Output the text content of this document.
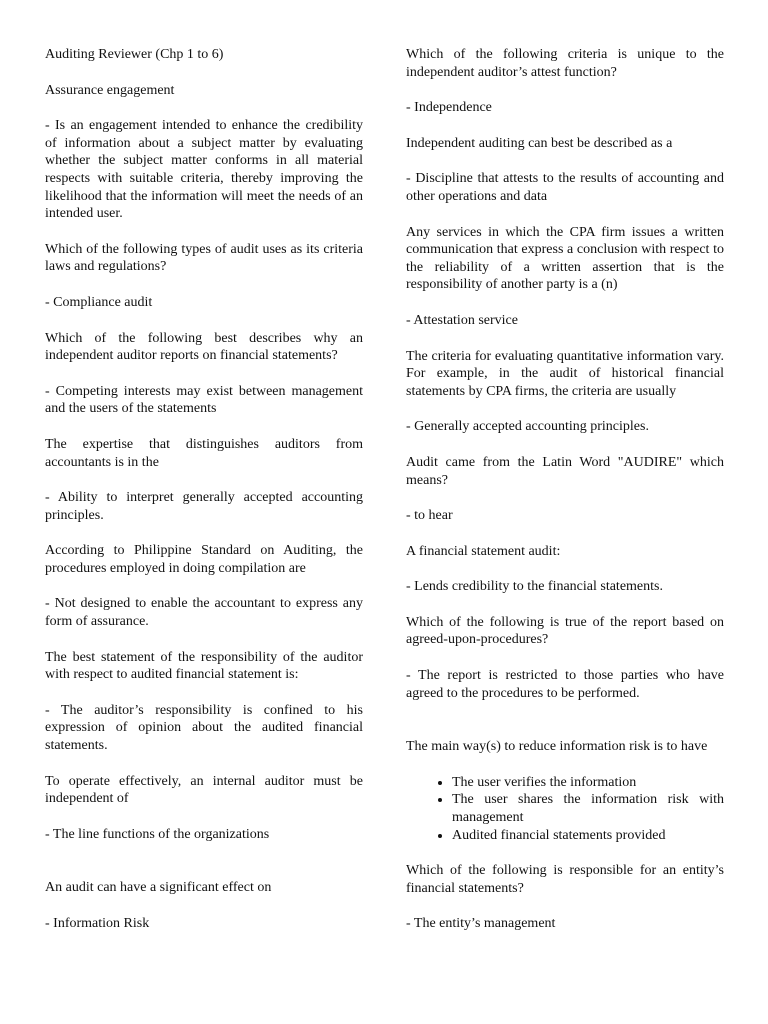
Auditing Reviewer (Chp 1 to 6)

Assurance engagement

- Is an engagement intended to enhance the credibility of information about a subject matter by evaluating whether the subject matter conforms in all material respects with suitable criteria, thereby improving the likelihood that the information will meet the needs of an intended user.

Which of the following types of audit uses as its criteria laws and regulations?

- Compliance audit

Which of the following best describes why an independent auditor reports on financial statements?

- Competing interests may exist between management and the users of the statements

The expertise that distinguishes auditors from accountants is in the

- Ability to interpret generally accepted accounting principles.

According to Philippine Standard on Auditing, the procedures employed in doing compilation are

- Not designed to enable the accountant to express any form of assurance.

The best statement of the responsibility of the auditor with respect to audited financial statement is:

- The auditor’s responsibility is confined to his expression of opinion about the audited financial statements.

To operate effectively, an internal auditor must be independent of

- The line functions of the organizations

An audit can have a significant effect on

- Information Risk

Which of the following criteria is unique to the independent auditor’s attest function?

- Independence

Independent auditing can best be described as a

- Discipline that attests to the results of accounting and other operations and data

Any services in which the CPA firm issues a written communication that express a conclusion with respect to the reliability of a written assertion that is the responsibility of another party is a (n)

- Attestation service

The criteria for evaluating quantitative information vary. For example, in the audit of historical financial statements by CPA firms, the criteria are usually

- Generally accepted accounting principles.

Audit came from the Latin Word "AUDIRE" which means?

- to hear

A financial statement audit:

- Lends credibility to the financial statements.

Which of the following is true of the report based on agreed-upon-procedures?

- The report is restricted to those parties who have agreed to the procedures to be performed.

The main way(s) to reduce information risk is to have

• The user verifies the information
• The user shares the information risk with management
• Audited financial statements provided

Which of the following is responsible for an entity’s financial statements?

- The entity’s management
